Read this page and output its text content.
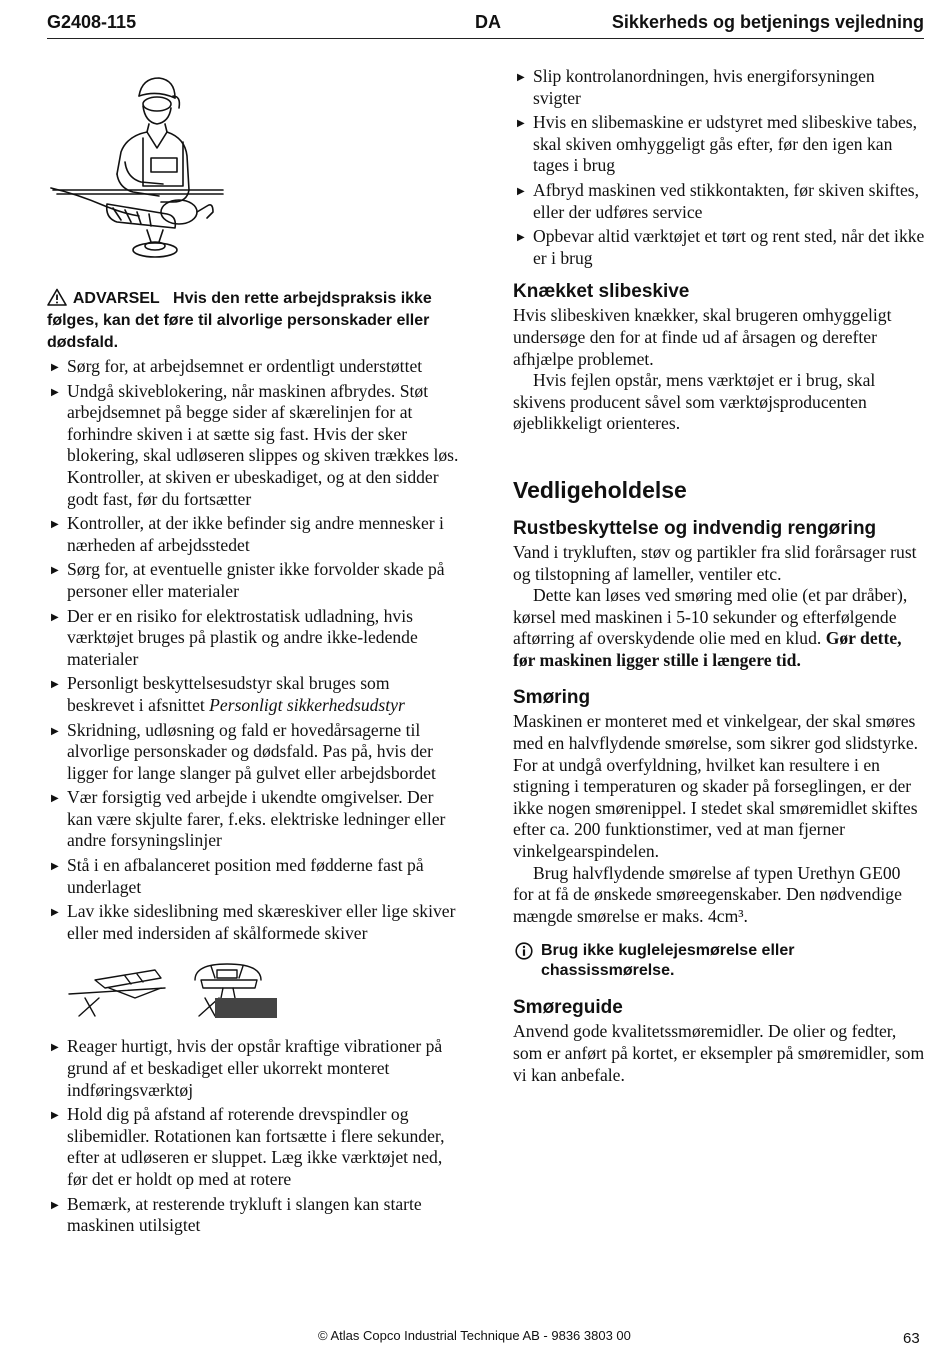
G2408-115	DA	Sikkerheds og betjenings vejledning
ADVARSEL Hvis den rette arbejdspraksis ikke følges, kan det føre til alvorlige personskader eller dødsfald.
▶ Sørg for, at arbejdsemnet er ordentligt understøttet
▶ Undgå skiveblokering, når maskinen afbrydes. Støt arbejdsemnet på begge sider af skærelinjen for at forhindre skiven i at sætte sig fast. Hvis der sker blokering, skal udløseren slippes og skiven trækkes løs. Kontroller, at skiven er ubeskadiget, og at den sidder godt fast, før du fortsætter
▶ Kontroller, at der ikke befinder sig andre mennesker i nærheden af arbejdsstedet
▶ Sørg for, at eventuelle gnister ikke forvolder skade på personer eller materialer
▶ Der er en risiko for elektrostatisk udladning, hvis værktøjet bruges på plastik og andre ikke-ledende materialer
▶ Personligt beskyttelsesudstyr skal bruges som beskrevet i afsnittet Personligt sikkerhedsudstyr
▶ Skridning, udløsning og fald er hovedårsagerne til alvorlige personskader og dødsfald. Pas på, hvis der ligger for lange slanger på gulvet eller arbejdsbordet
▶ Vær forsigtig ved arbejde i ukendte omgivelser. Der kan være skjulte farer, f.eks. elektriske ledninger eller andre forsyningslinjer
▶ Stå i en afbalanceret position med fødderne fast på underlaget
▶ Lav ikke sideslibning med skæreskiver eller lige skiver eller med indersiden af skålformede skiver
▶ Reager hurtigt, hvis der opstår kraftige vibrationer på grund af et beskadiget eller ukorrekt monteret indføringsværktøj
▶ Hold dig på afstand af roterende drevspindler og slibemidler. Rotationen kan fortsætte i flere sekunder, efter at udløseren er sluppet. Læg ikke værktøjet ned, før det er holdt op med at rotere
▶ Bemærk, at resterende trykluft i slangen kan starte maskinen utilsigtet
▶ Slip kontrolanordningen, hvis energiforsyningen svigter
▶ Hvis en slibemaskine er udstyret med slibeskive tabes, skal skiven omhyggeligt gås efter, før den igen kan tages i brug
▶ Afbryd maskinen ved stikkontakten, før skiven skiftes, eller der udføres service
▶ Opbevar altid værktøjet et tørt og rent sted, når det ikke er i brug
Knækket slibeskive

Hvis slibeskiven knækker, skal brugeren omhyggeligt undersøge den for at finde ud af årsagen og derefter afhjælpe problemet.

Hvis fejlen opstår, mens værktøjet er i brug, skal skivens producent såvel som værktøjsproducenten øjeblikkeligt orienteres.

Vedligeholdelse
Rustbeskyttelse og indvendig rengøring

Vand i trykluften, støv og partikler fra slid forårsager rust og tilstopning af lameller, ventiler etc.

Dette kan løses ved smøring med olie (et par dråber), kørsel med maskinen i 5-10 sekunder og efterfølgende aftørring af overskydende olie med en klud. Gør dette, før maskinen ligger stille i længere tid.

Smøring

Maskinen er monteret med et vinkelgear, der skal smøres med en halvflydende smørelse, som sikrer god slidstyrke. For at undgå overfyldning, hvilket kan resultere i en stigning i temperaturen og skader på forseglingen, er der ikke nogen smørenippel. I stedet skal smøremidlet skiftes efter ca. 200 funktionstimer, ved at man fjerner vinkelgearspindelen.

Brug halvflydende smørelse af typen Urethyn GE00 for at få de ønskede smøreegenskaber. Den nødvendige mængde smørelse er maks. 4cm³.

Brug ikke kuglelejesmørelse eller chassissmørelse.
Smøreguide

Anvend gode kvalitetssmøremidler. De olier og fedter, som er anført på kortet, er eksempler på smøremidler, som vi kan anbefale.

© Atlas Copco Industrial Technique AB - 9836 3803 00	63
